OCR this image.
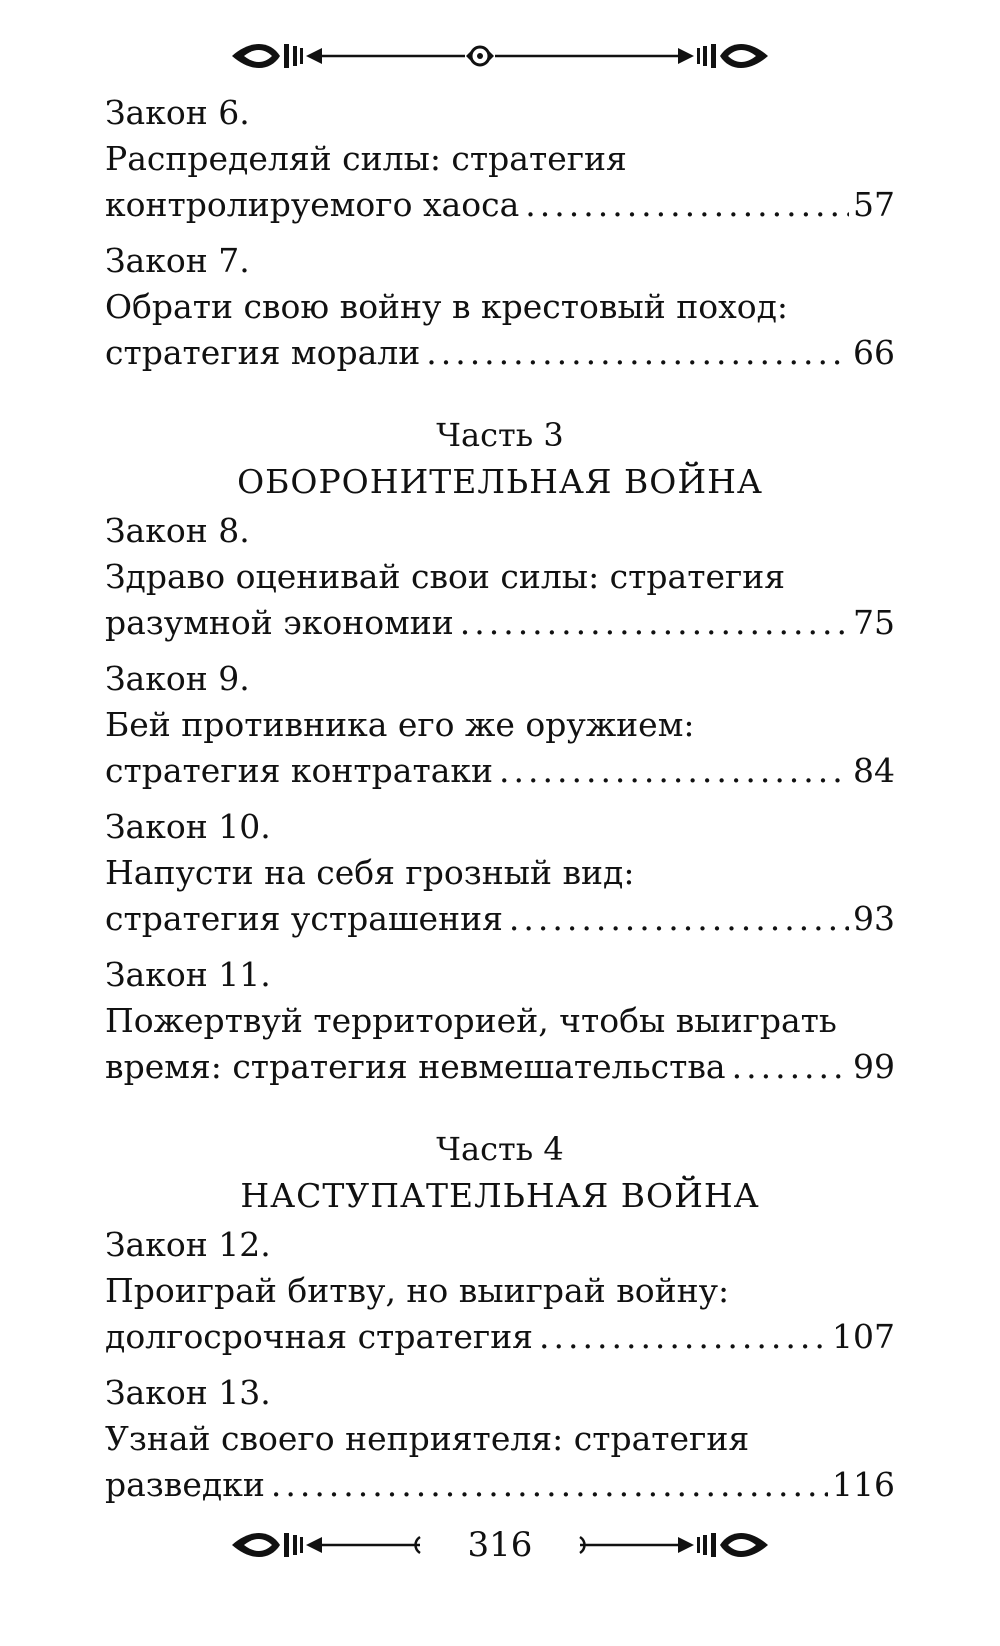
Закон 6.
Распределяй силы: стратегия
контролируемого хаоса .....	57
Закон 7.
Обрати свою войну в крестовый поход:
стратегия морали .....	66
Часть 3
ОБОРОНИТЕЛЬНАЯ ВОЙНА
Закон 8.
Здраво оценивай свои силы: стратегия
разумной экономии .....	75
Закон 9.
Бей противника его же оружием:
стратегия контратаки .....	84
Закон 10.
Напусти на себя грозный вид:
стратегия устрашения .....	93
Закон 11.
Пожертвуй территорией, чтобы выиграть
время: стратегия невмешательства .....	99
Часть 4
НАСТУПАТЕЛЬНАЯ ВОЙНА
Закон 12.
Проиграй битву, но выиграй войну:
долгосрочная стратегия .....	107
Закон 13.
Узнай своего неприятеля: стратегия
разведки .....	116
316
